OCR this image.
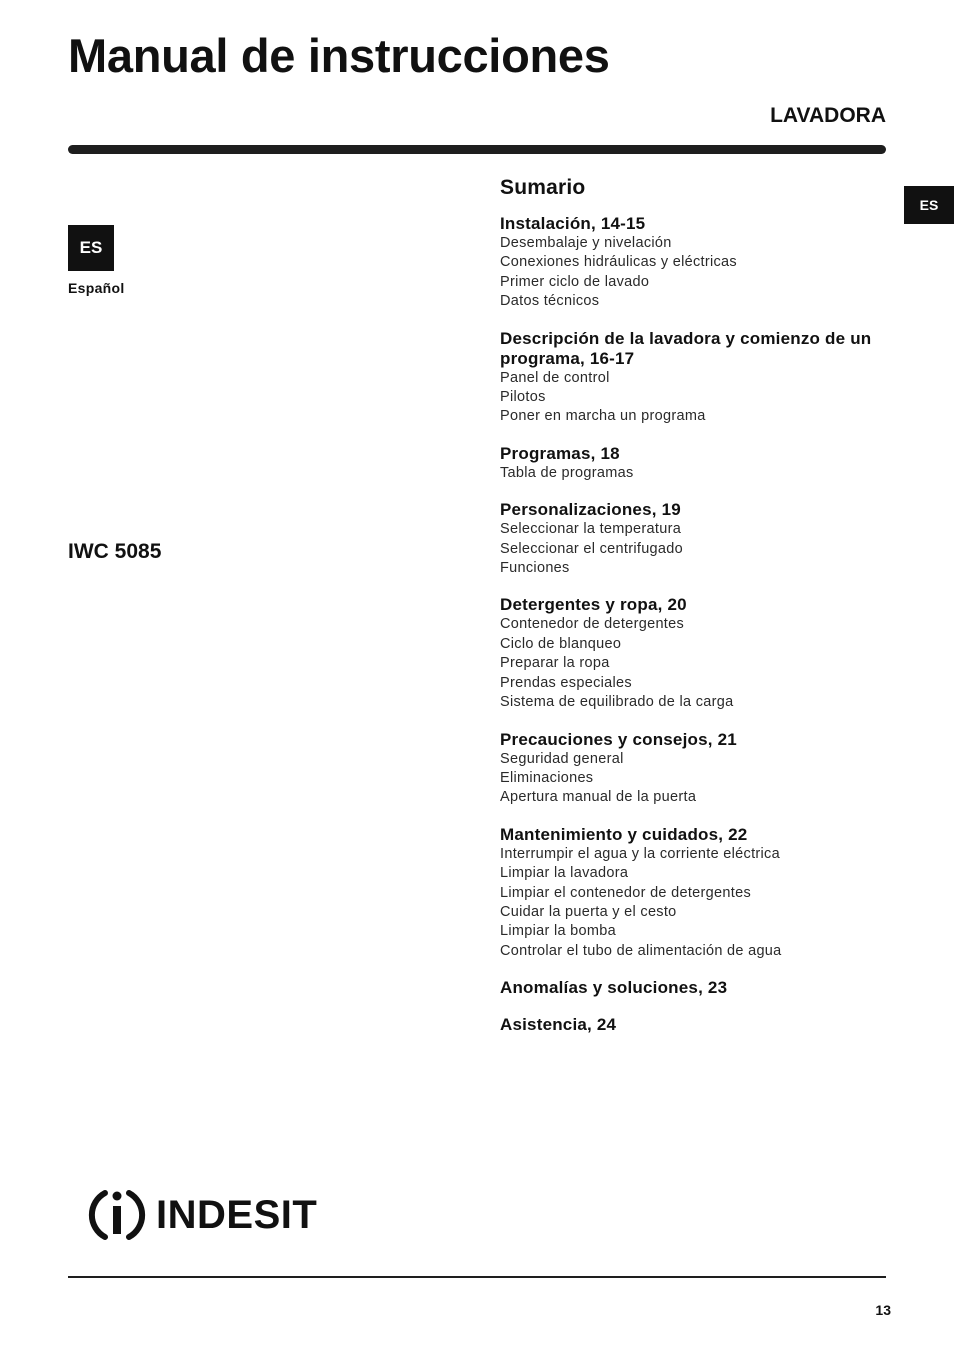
Manual de instrucciones
LAVADORA
ES
Español
ES
IWC 5085
Sumario
Instalación, 14-15
Desembalaje y nivelación
Conexiones hidráulicas y eléctricas
Primer ciclo de lavado
Datos técnicos
Descripción de la lavadora y comienzo de un programa, 16-17
Panel de control
Pilotos
Poner en marcha un programa
Programas, 18
Tabla de programas
Personalizaciones, 19
Seleccionar la temperatura
Seleccionar el centrifugado
Funciones
Detergentes y ropa, 20
Contenedor de detergentes
Ciclo de blanqueo
Preparar la ropa
Prendas especiales
Sistema de equilibrado de la carga
Precauciones y consejos, 21
Seguridad general
Eliminaciones
Apertura manual de la puerta
Mantenimiento y cuidados, 22
Interrumpir el agua y la corriente eléctrica
Limpiar la lavadora
Limpiar el contenedor de detergentes
Cuidar la puerta y el cesto
Limpiar la bomba
Controlar el tubo de alimentación de agua
Anomalías y soluciones, 23
Asistencia, 24
INDESIT
13
